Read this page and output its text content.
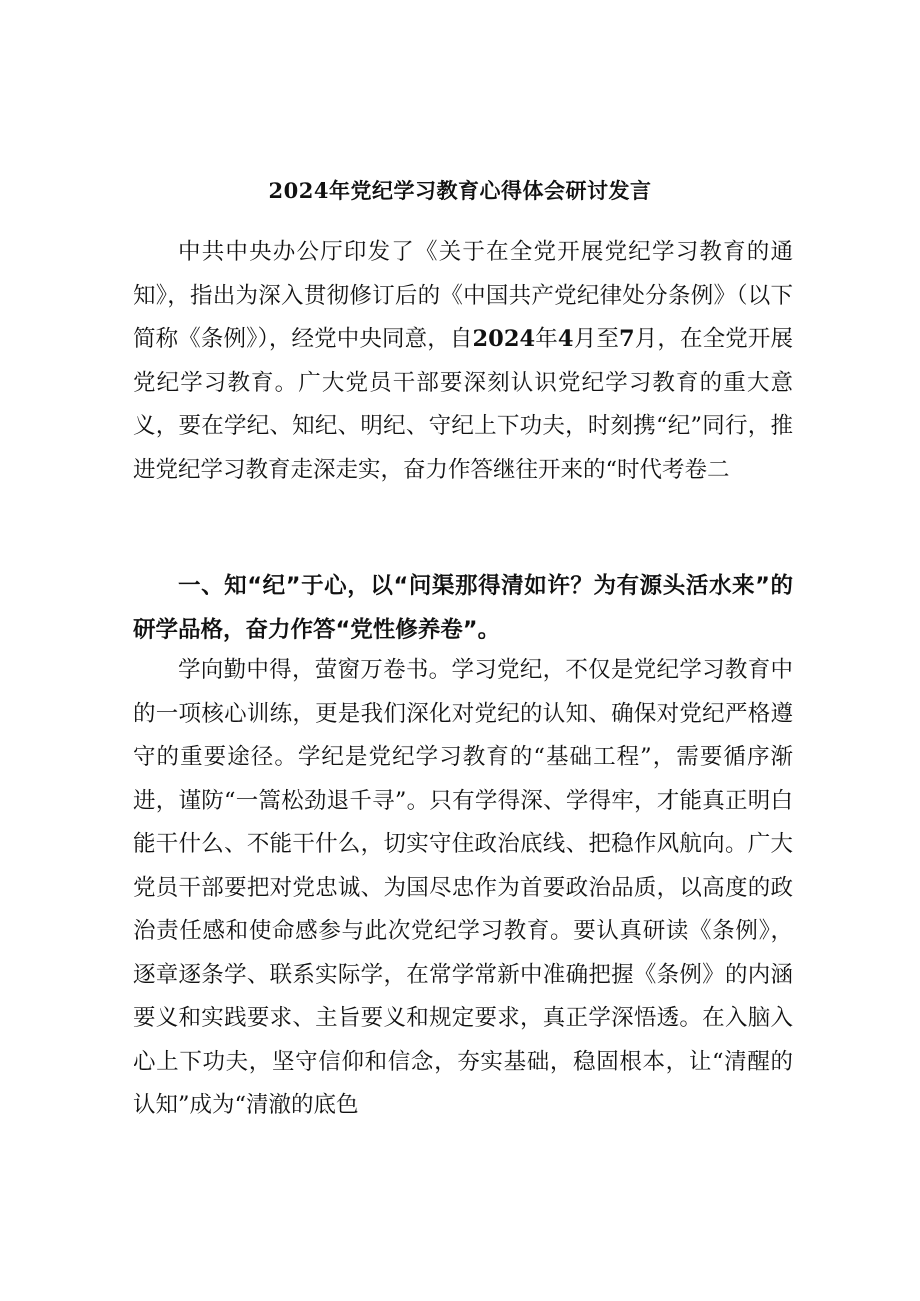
2024年党纪学习教育心得体会研讨发言

中共中央办公厅印发了《关于在全党开展党纪学习教育的通知》，指出为深入贯彻修订后的《中国共产党纪律处分条例》（以下简称《条例》），经党中央同意，自2024年4月至7月，在全党开展党纪学习教育。广大党员干部要深刻认识党纪学习教育的重大意义，要在学纪、知纪、明纪、守纪上下功夫，时刻携“纪”同行，推进党纪学习教育走深走实，奋力作答继往开来的“时代考卷二

一、知“纪”于心，以“问渠那得清如许？为有源头活水来”的研学品格，奋力作答“党性修养卷”。

学向勤中得，萤窗万卷书。学习党纪，不仅是党纪学习教育中的一项核心训练，更是我们深化对党纪的认知、确保对党纪严格遵守的重要途径。学纪是党纪学习教育的“基础工程”，需要循序渐进，谨防“一篙松劲退千寻”。只有学得深、学得牢，才能真正明白能干什么、不能干什么，切实守住政治底线、把稳作风航向。广大党员干部要把对党忠诚、为国尽忠作为首要政治品质，以高度的政治责任感和使命感参与此次党纪学习教育。要认真研读《条例》，逐章逐条学、联系实际学，在常学常新中准确把握《条例》的内涵要义和实践要求、主旨要义和规定要求，真正学深悟透。在入脑入心上下功夫，坚守信仰和信念，夯实基础，稳固根本，让“清醒的认知”成为“清澈的底色
